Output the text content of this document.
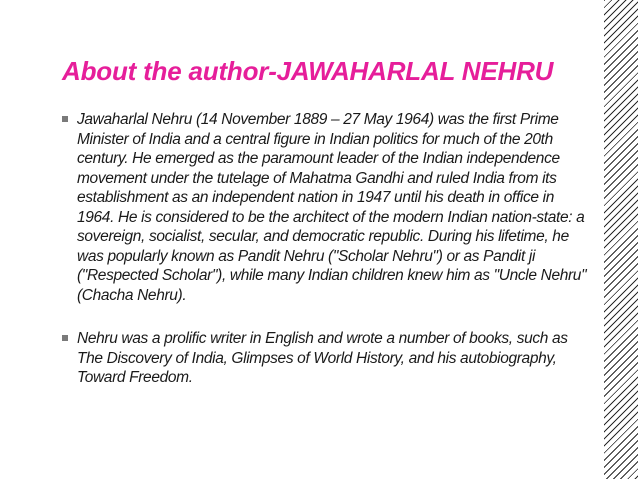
About the author-JAWAHARLAL NEHRU
Jawaharlal Nehru (14 November 1889 – 27 May 1964) was the first Prime Minister of India and a central figure in Indian politics for much of the 20th century. He emerged as the paramount leader of the Indian independence movement under the tutelage of Mahatma Gandhi and ruled India from its establishment as an independent nation in 1947 until his death in office in 1964. He is considered to be the architect of the modern Indian nation-state: a sovereign, socialist, secular, and democratic republic. During his lifetime, he was popularly known as Pandit Nehru ("Scholar Nehru") or as Pandit ji ("Respected Scholar"), while many Indian children knew him as "Uncle Nehru" (Chacha Nehru).
Nehru was a prolific writer in English and wrote a number of books, such as The Discovery of India, Glimpses of World History, and his autobiography, Toward Freedom.
